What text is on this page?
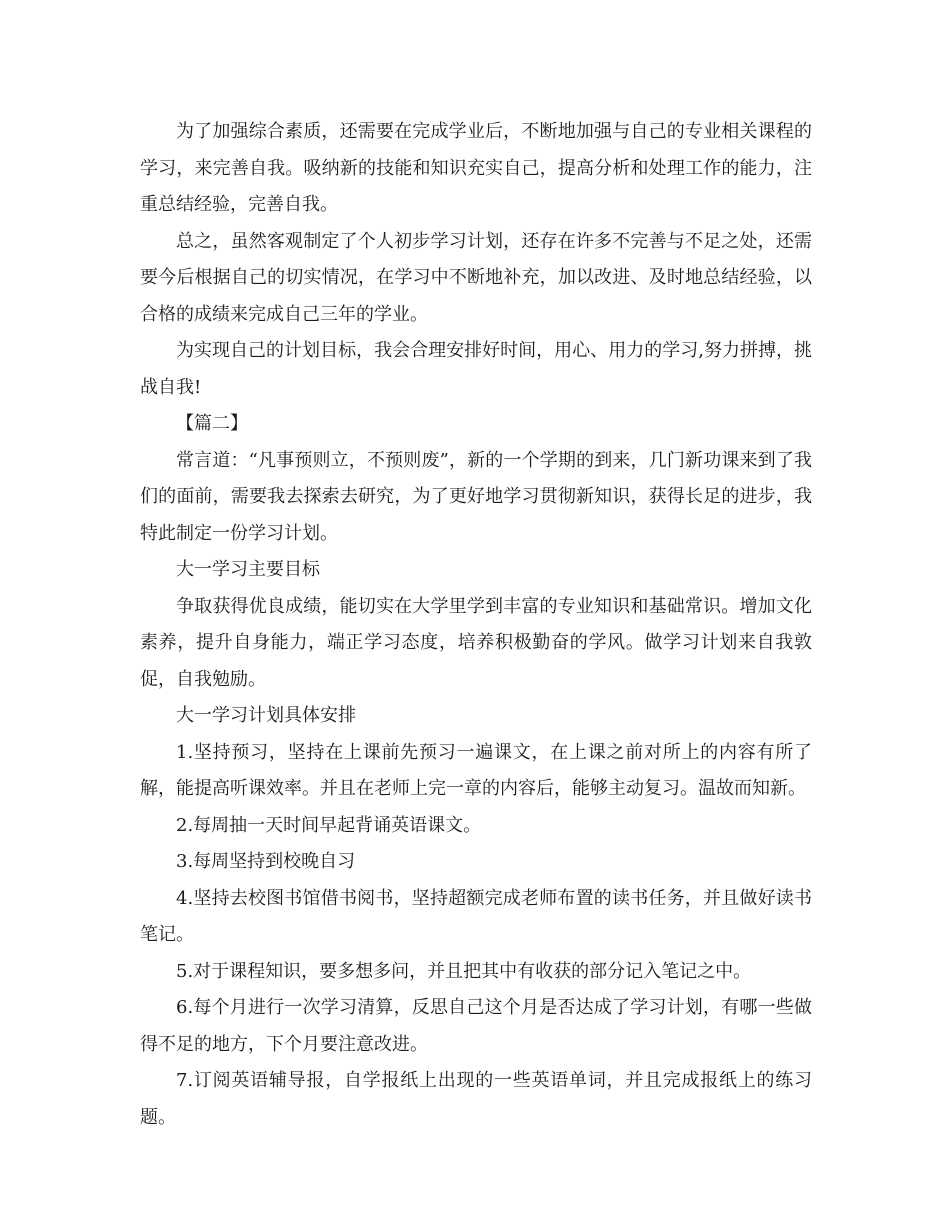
为了加强综合素质，还需要在完成学业后，不断地加强与自己的专业相关课程的学习，来完善自我。吸纳新的技能和知识充实自己，提高分析和处理工作的能力，注重总结经验，完善自我。

总之，虽然客观制定了个人初步学习计划，还存在许多不完善与不足之处，还需要今后根据自己的切实情况，在学习中不断地补充，加以改进、及时地总结经验，以合格的成绩来完成自己三年的学业。

为实现自己的计划目标，我会合理安排好时间，用心、用力的学习,努力拼搏，挑战自我!

【篇二】

常言道：“凡事预则立，不预则废”，新的一个学期的到来，几门新功课来到了我们的面前，需要我去探索去研究，为了更好地学习贯彻新知识，获得长足的进步，我特此制定一份学习计划。

大一学习主要目标

争取获得优良成绩，能切实在大学里学到丰富的专业知识和基础常识。增加文化素养，提升自身能力，端正学习态度，培养积极勤奋的学风。做学习计划来自我敦促，自我勉励。

大一学习计划具体安排

1.坚持预习，坚持在上课前先预习一遍课文，在上课之前对所上的内容有所了解，能提高听课效率。并且在老师上完一章的内容后，能够主动复习。温故而知新。

2.每周抽一天时间早起背诵英语课文。

3.每周坚持到校晚自习

4.坚持去校图书馆借书阅书，坚持超额完成老师布置的读书任务，并且做好读书笔记。

5.对于课程知识，要多想多问，并且把其中有收获的部分记入笔记之中。

6.每个月进行一次学习清算，反思自己这个月是否达成了学习计划，有哪一些做得不足的地方，下个月要注意改进。

7.订阅英语辅导报，自学报纸上出现的一些英语单词，并且完成报纸上的练习题。
